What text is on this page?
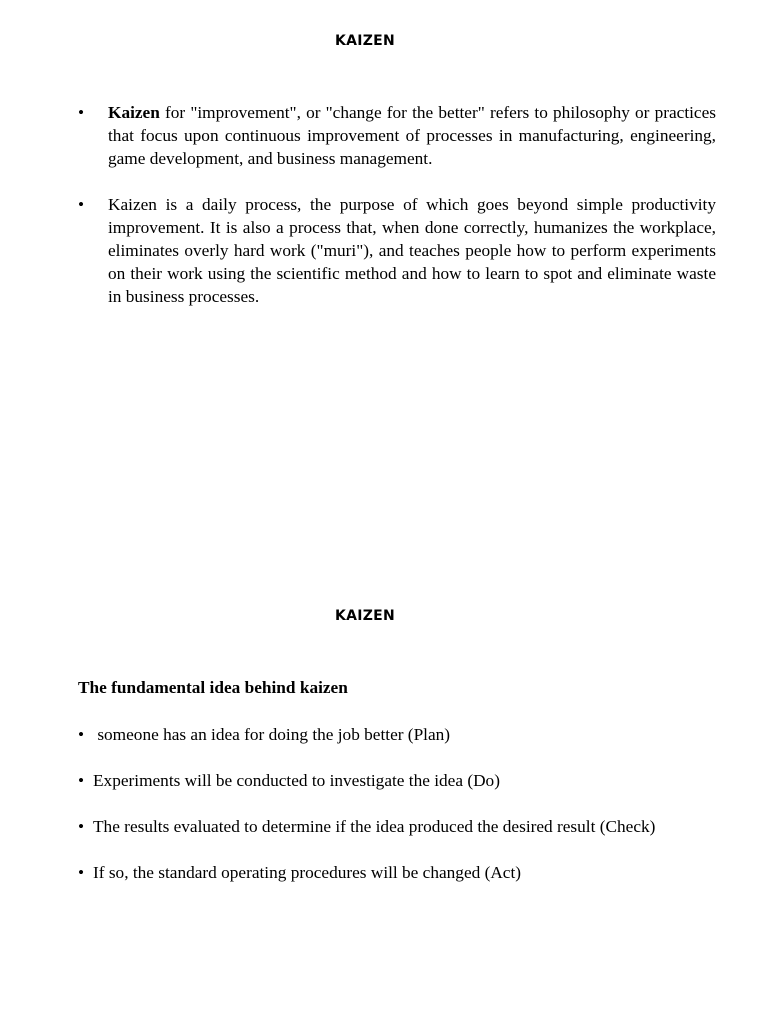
KAIZEN
• Kaizen for "improvement", or "change for the better" refers to philosophy or practices that focus upon continuous improvement of processes in manufacturing, engineering, game development, and business management.
• Kaizen is a daily process, the purpose of which goes beyond simple productivity improvement. It is also a process that, when done correctly, humanizes the workplace, eliminates overly hard work ("muri"), and teaches people how to perform experiments on their work using the scientific method and how to learn to spot and eliminate waste in business processes.
KAIZEN

The fundamental idea behind kaizen

• someone has an idea for doing the job better (Plan)
• Experiments will be conducted to investigate the idea (Do)
• The results evaluated to determine if the idea produced the desired result (Check)
• If so, the standard operating procedures will be changed (Act)
